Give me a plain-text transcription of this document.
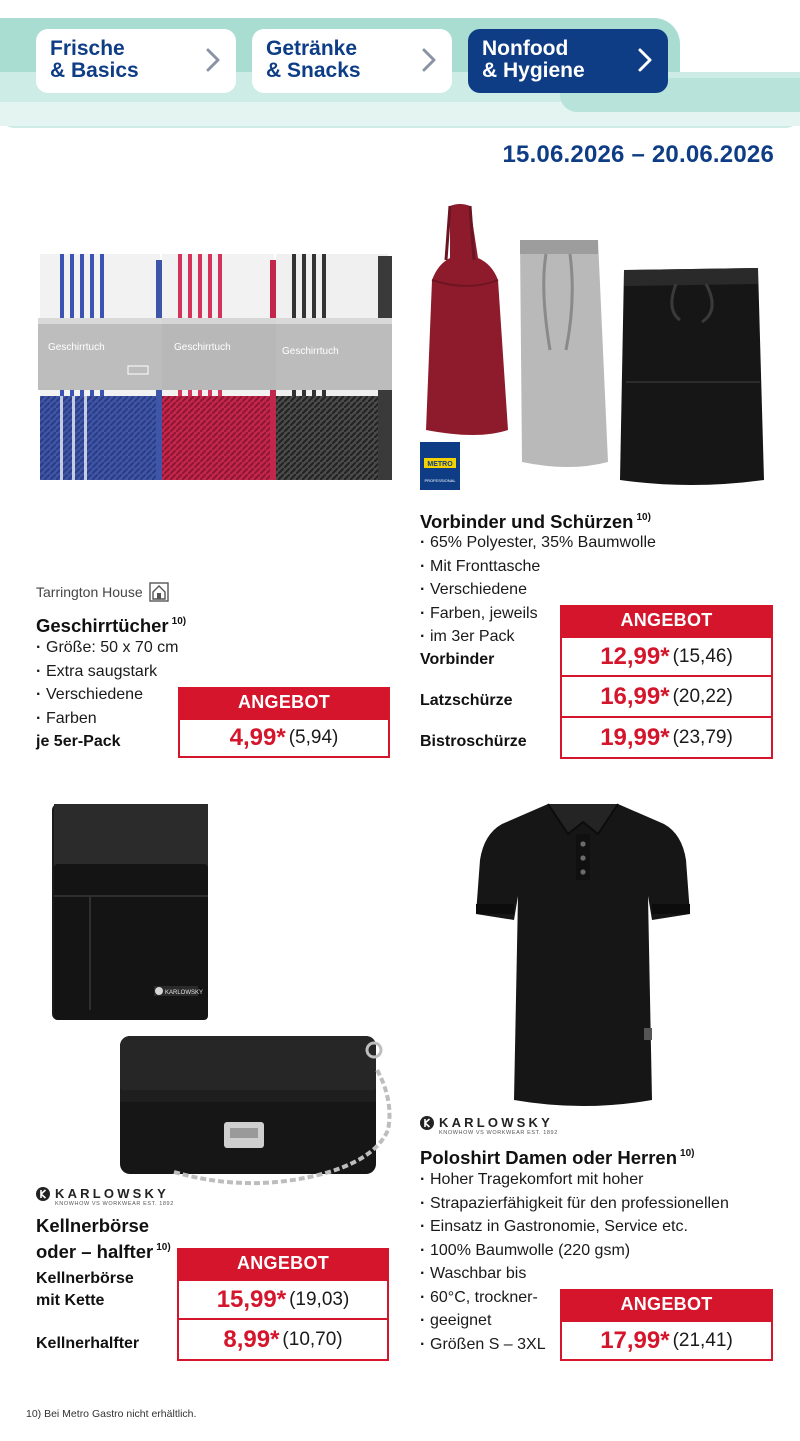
Frische
& Basics
Getränke
& Snacks
Nonfood
& Hygiene
15.06.2026 – 20.06.2026
Geschirrtuch	Geschirrtuch	Geschirrtuch
METRO
PROFESSIONAL
Tarrington House
Geschirrtücher $^{10)}$
· Größe: 50 x 70 cm
· Extra saugstark
· Verschiedene
· Farben
je 5er-Pack
ANGEBOT
4,99* (5,94)
Vorbinder und Schürzen $^{10)}$
· 65% Polyester, 35% Baumwolle
· Mit Fronttasche
· Verschiedene
· Farben, jeweils
· im 3er Pack
ANGEBOT
Vorbinder	12,99* (15,46)
Latzschürze	16,99* (20,22)
Bistroschürze	19,99* (23,79)
KARLOWSKY
KARLOWSKY
KNOWHOW VS WORKWEAR EST. 1892
Kellnerbörse
oder – halfter $^{10)}$
ANGEBOT
Kellnerbörse
mit Kette	15,99* (19,03)
Kellnerhalfter	8,99* (10,70)
KARLOWSKY
KNOWHOW VS WORKWEAR EST. 1892
Poloshirt Damen oder Herren $^{10)}$
· Hoher Tragekomfort mit hoher
· Strapazierfähigkeit für den professionellen
· Einsatz in Gastronomie, Service etc.
· 100% Baumwolle (220 gsm)
· Waschbar bis
· 60°C, trockner-
· geeignet
· Größen S – 3XL
ANGEBOT
17,99* (21,41)
10) Bei Metro Gastro nicht erhältlich.
